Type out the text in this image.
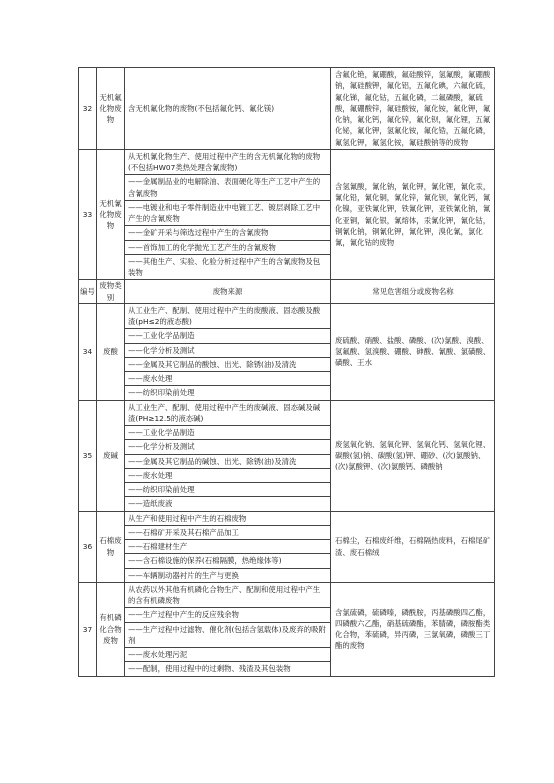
32	无机氟化物废物	含无机氟化物的废物(不包括氟化钙、氟化镁)	含氟化铯，氟硼酸，氟硅酸锌，氢氟酸，氟硼酸钠，氟硅酸钾，氟化铝，五氟化碘，六氟化硫，氟化锑，氟化钴，五氟化磷，二氟磷酸，氟硫酸，氟硼酸锌，氟硅酸铵，氟化铵，氟化钾，氟化钠，氟化钙，氟化锌，氟化钡，氟化锂，五氟化铋，氟化钾，氢氟化铵，氟化锆，五氟化磷，氟氢化钾，氟氢化铵，氟硅酸钠等的废物
33	无机氰化物废物	从无机氰化物生产、使用过程中产生的含无机氰化物的废物(不包括HW07类热处理含氰废物)	含氢氰酸，氰化钠，氰化钾，氰化锂，氰化汞，氰化铅，氰化铜，氰化锌，氰化钡，氰化钙，氰化镍，亚铁氰化钾，铁氰化钾，亚铁氰化钠，氰化亚铜，氰化银，氰熔体，汞氰化钾，氰化钴，铜氰化钠，铜氰化钾，氰化钾，溴化氰，氯化氰，氰化钴的废物
		——金属制品业的电解除油、表面硬化等生产工艺中产生的含氰废物	
		——电镀业和电子零件制造业中电镀工艺、镀层剥除工艺中产生的含氰废物	
		——金矿开采与筛选过程中产生的含氰废物	
		——首饰加工的化学抛光工艺产生的含氰废物	
		——其他生产、实验、化验分析过程中产生的含氰废物及包装物	
编号	废物类别	废物来源	常见危害组分或废物名称
34	废酸	从工业生产、配制、使用过程中产生的废酸液、固态酸及酸渣(pH≤2的液态酸)	废硫酸、硝酸、盐酸、磷酸、(次)氯酸、溴酸、氢氟酸、氢溴酸、硼酸、砷酸、氰酸、氯磺酸、磺酸、王水
		——工业化学品制造	
		——化学分析及测试	
		——金属及其它制品的酸蚀、出光、除锈(油)及清洗	
		——废水处理	
		——纺织印染前处理	
35	废碱	从工业生产、配制、使用过程中产生的废碱液、固态碱及碱渣(PH≥12.5的液态碱)	废氢氧化钠、氢氧化钾、氢氧化钙、氢氧化锂、碳酸(氢)钠、碳酸(氢)钾、硼砂、(次)氯酸钠、(次)氯酸钾、(次)氯酸钙、磷酸钠
		——工业化学品制造	
		——化学分析及测试	
		——金属及其它制品的碱蚀、出光、除锈(油)及清洗	
		——废水处理	
		——纺织印染前处理	
		——造纸废液	
36	石棉废物	从生产和使用过程中产生的石棉废物	石棉尘，石棉废纤维，石棉隔热废料，石棉尾矿渣、废石棉绒
		——石棉矿开采及其石棉产品加工	
		——石棉建材生产	
		——含石棉设施的保养(石棉隔膜，热绝缘体等)	
		——车辆制动器衬片的生产与更换	
37	有机磷化合物废物	从农药以外其他有机磷化合物生产、配制和使用过程中产生的含有机磷废物	含氯硫磷，硫磷嗪，磷酰胺，丙基磷酸四乙酯，四磷酸六乙酯，硝基硫磷酯，苯腈磷，磷胺酯类化合物，苯硫磷，异丙磷，三氯氧磷，磷酸三丁酯的废物
		——生产过程中产生的反应残余物	
		——生产过程中过滤物、催化剂(包括含氢载体)及废弃的吸附剂	
		——废水处理污泥	
		——配制，使用过程中的过剩物、残渣及其包装物	
